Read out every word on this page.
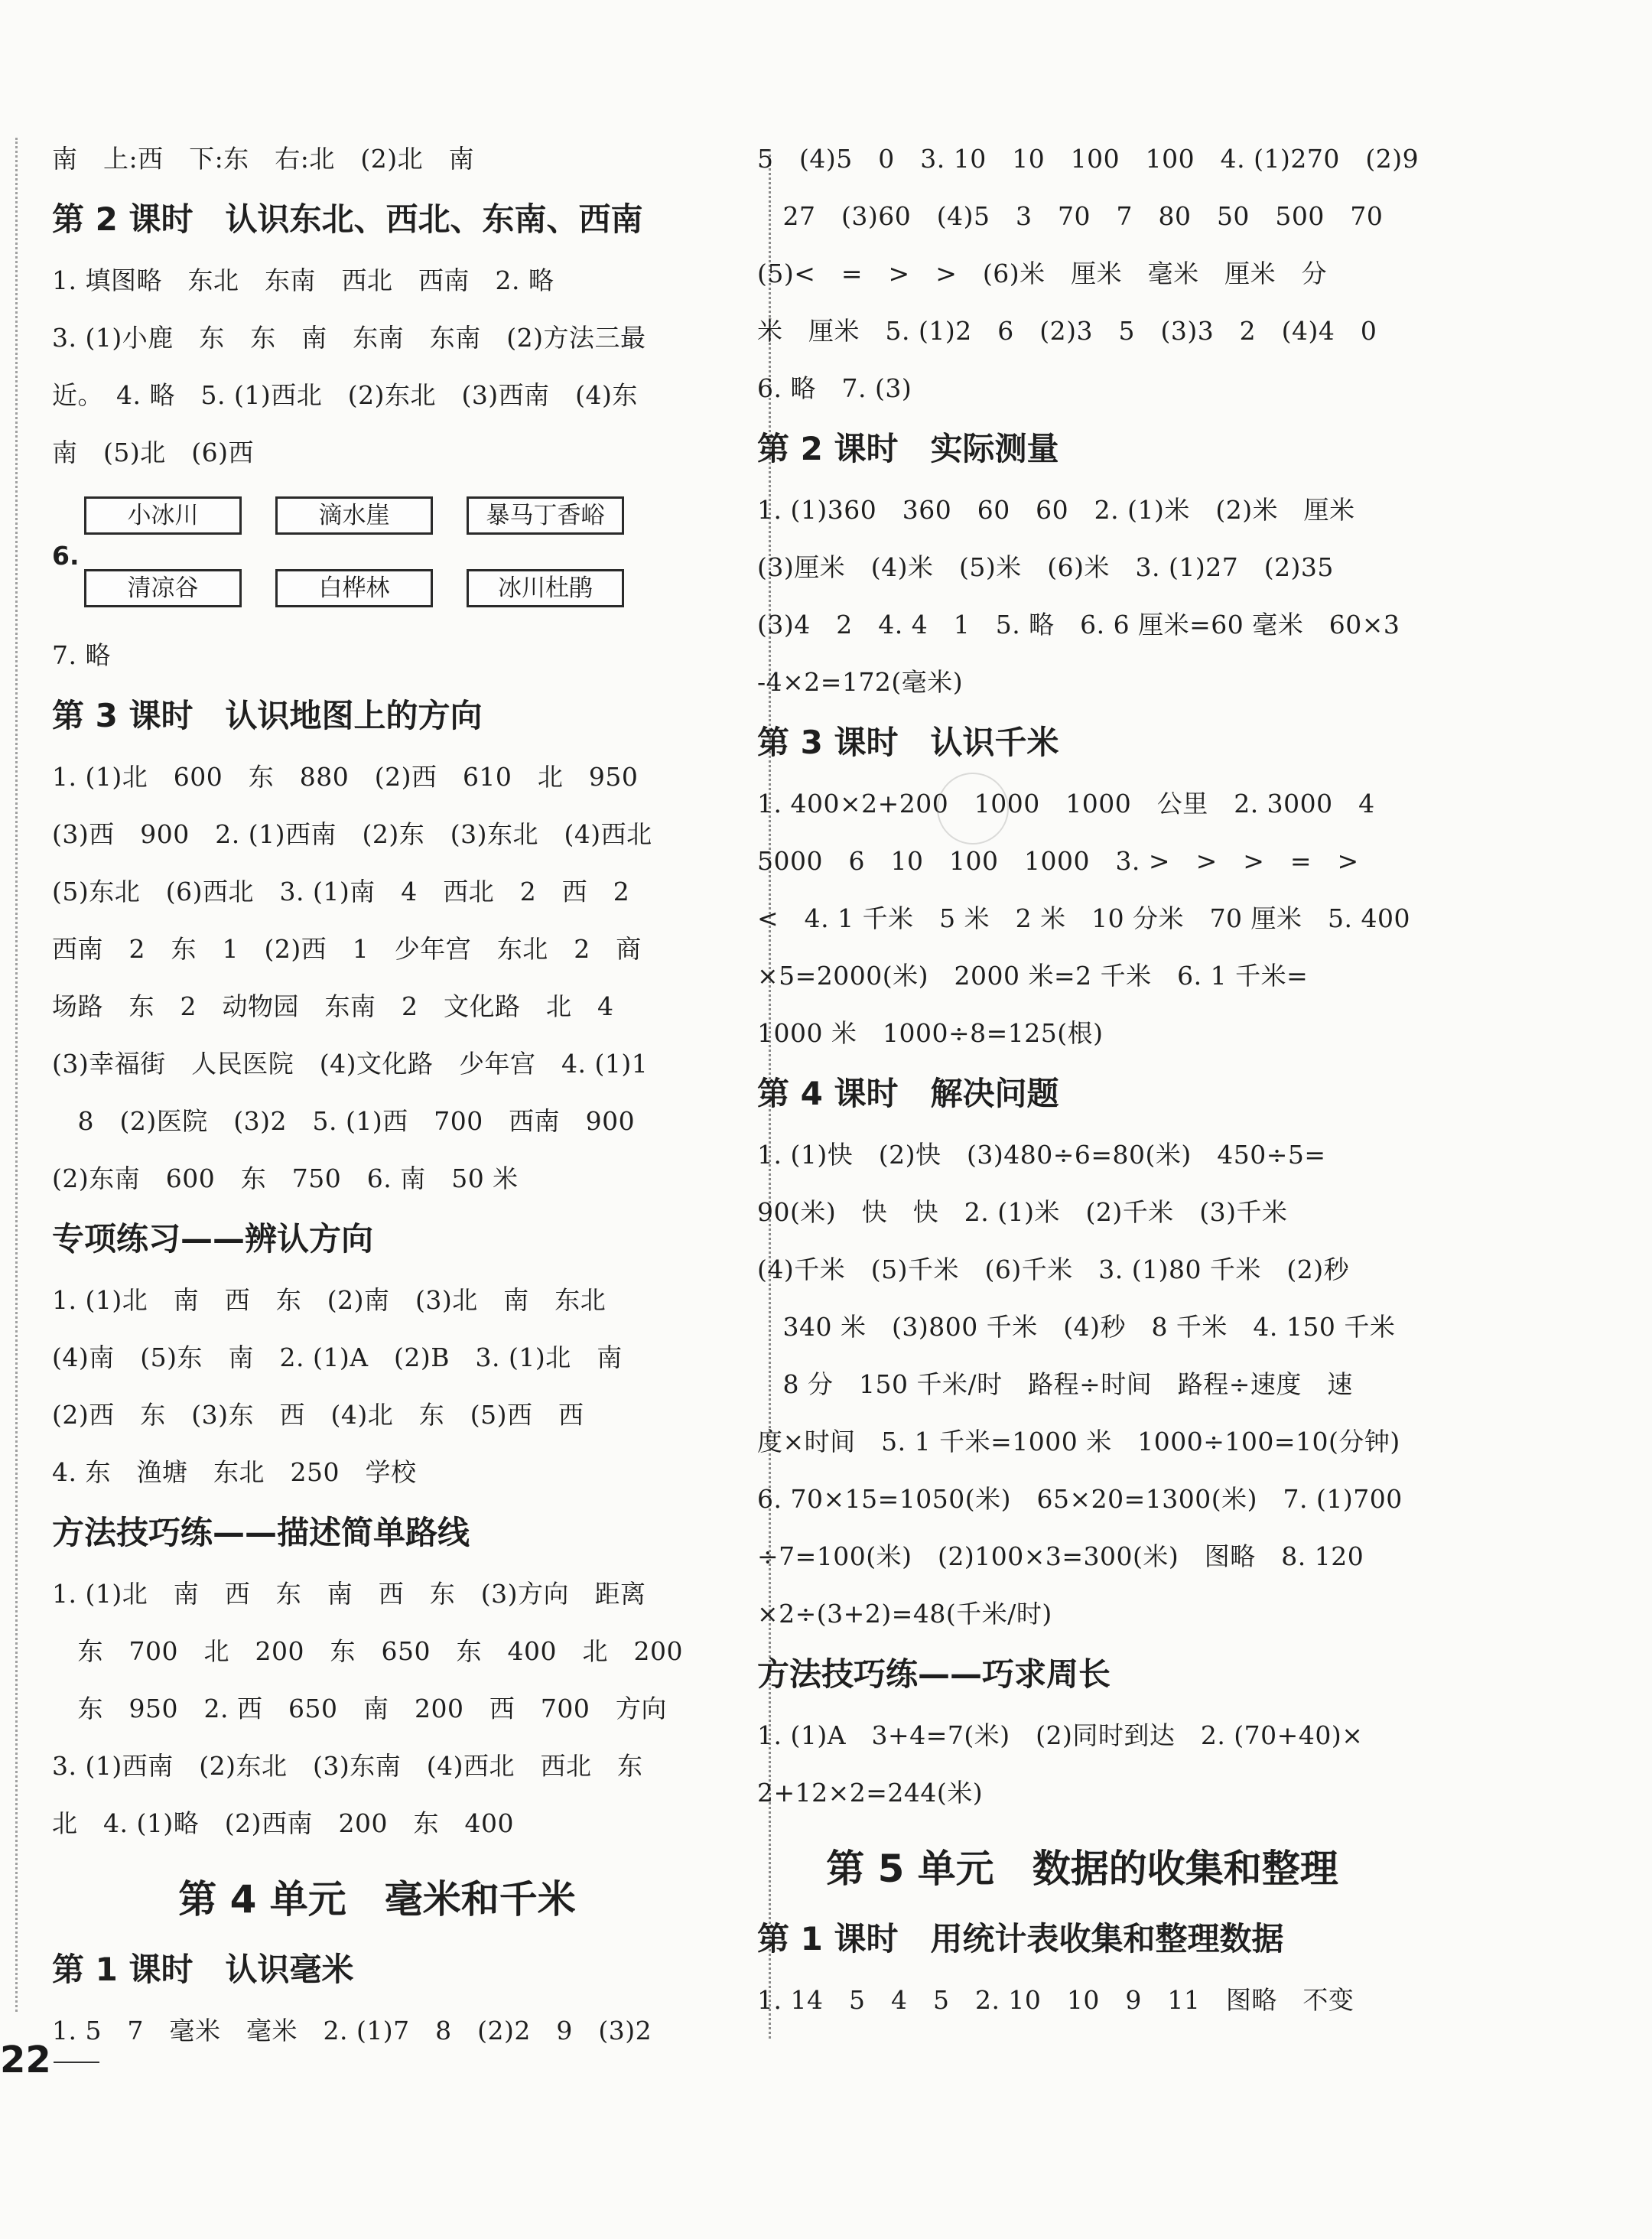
南　上:西　下:东　右:北　(2)北　南
第 2 课时　认识东北、西北、东南、西南
1. 填图略　东北　东南　西北　西南　2. 略
3. (1)小鹿　东　东　南　东南　东南　(2)方法三最
近。　4. 略　5. (1)西北　(2)东北　(3)西南　(4)东
南　(5)北　(6)西
6.
小冰川	滴水崖	暴马丁香峪
清凉谷	白桦林	冰川杜鹃
7. 略
第 3 课时　认识地图上的方向
1. (1)北　600　东　880　(2)西　610　北　950
(3)西　900　2. (1)西南　(2)东　(3)东北　(4)西北
(5)东北　(6)西北　3. (1)南　4　西北　2　西　2
西南　2　东　1　(2)西　1　少年宫　东北　2　商
场路　东　2　动物园　东南　2　文化路　北　4
(3)幸福街　人民医院　(4)文化路　少年宫　4. (1)1
　8　(2)医院　(3)2　5. (1)西　700　西南　900
(2)东南　600　东　750　6. 南　50 米
专项练习——辨认方向
1. (1)北　南　西　东　(2)南　(3)北　南　东北
(4)南　(5)东　南　2. (1)A　(2)B　3. (1)北　南
(2)西　东　(3)东　西　(4)北　东　(5)西　西
4. 东　渔塘　东北　250　学校
方法技巧练——描述简单路线
1. (1)北　南　西　东　南　西　东　(3)方向　距离
　东　700　北　200　东　650　东　400　北　200
　东　950　2. 西　650　南　200　西　700　方向
3. (1)西南　(2)东北　(3)东南　(4)西北　西北　东
北　4. (1)略　(2)西南　200　东　400
第 4 单元　毫米和千米
第 1 课时　认识毫米
1. 5　7　毫米　毫米　2. (1)7　8　(2)2　9　(3)2
5　(4)5　0　3. 10　10　100　100　4. (1)270　(2)9
　27　(3)60　(4)5　3　70　7　80　50　500　70
(5)<　=　>　>　(6)米　厘米　毫米　厘米　分
米　厘米　5. (1)2　6　(2)3　5　(3)3　2　(4)4　0
6. 略　7. (3)
第 2 课时　实际测量
1. (1)360　360　60　60　2. (1)米　(2)米　厘米
(3)厘米　(4)米　(5)米　(6)米　3. (1)27　(2)35
(3)4　2　4. 4　1　5. 略　6. 6 厘米=60 毫米　60×3
-4×2=172(毫米)
第 3 课时　认识千米
1. 400×2+200　1000　1000　公里　2. 3000　4
5000　6　10　100　1000　3. >　>　>　=　>
<　4. 1 千米　5 米　2 米　10 分米　70 厘米　5. 400
×5=2000(米)　2000 米=2 千米　6. 1 千米=
1000 米　1000÷8=125(根)
第 4 课时　解决问题
1. (1)快　(2)快　(3)480÷6=80(米)　450÷5=
90(米)　快　快　2. (1)米　(2)千米　(3)千米
(4)千米　(5)千米　(6)千米　3. (1)80 千米　(2)秒
　340 米　(3)800 千米　(4)秒　8 千米　4. 150 千米
　8 分　150 千米/时　路程÷时间　路程÷速度　速
度×时间　5. 1 千米=1000 米　1000÷100=10(分钟)
6. 70×15=1050(米)　65×20=1300(米)　7. (1)700
÷7=100(米)　(2)100×3=300(米)　图略　8. 120
×2÷(3+2)=48(千米/时)
方法技巧练——巧求周长
1. (1)A　3+4=7(米)　(2)同时到达　2. (70+40)×
2+12×2=244(米)
第 5 单元　数据的收集和整理
第 1 课时　用统计表收集和整理数据
1. 14　5　4　5　2. 10　10　9　11　图略　不变
22
